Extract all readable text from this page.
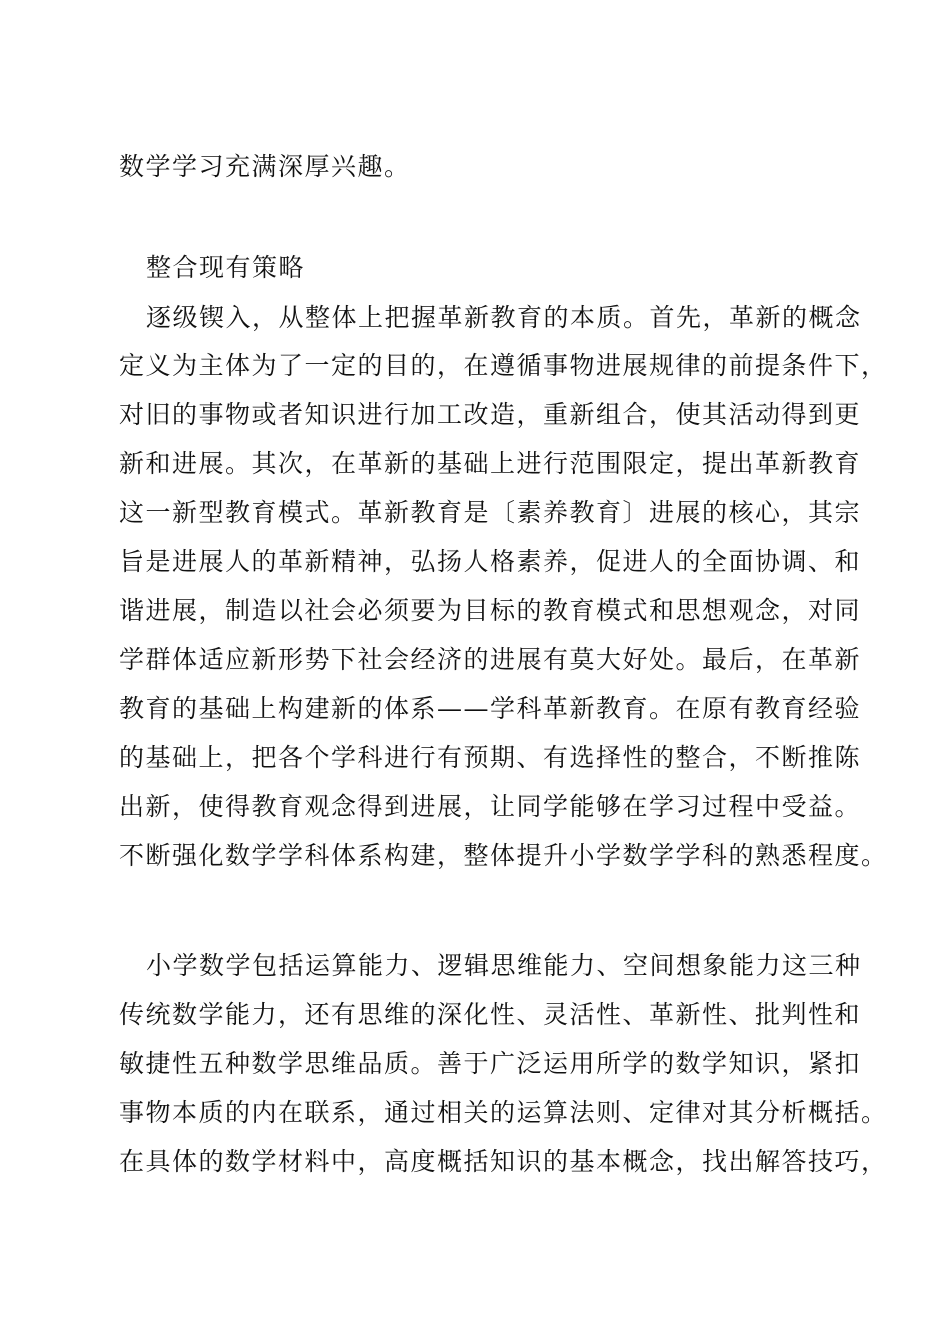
数学学习充满深厚兴趣。
整合现有策略
逐级锲入，从整体上把握革新教育的本质。首先，革新的概念
定义为主体为了一定的目的，在遵循事物进展规律的前提条件下，
对旧的事物或者知识进行加工改造，重新组合，使其活动得到更
新和进展。其次，在革新的基础上进行范围限定，提出革新教育
这一新型教育模式。革新教育是〔素养教育〕进展的核心，其宗
旨是进展人的革新精神，弘扬人格素养，促进人的全面协调、和
谐进展，制造以社会必须要为目标的教育模式和思想观念，对同
学群体适应新形势下社会经济的进展有莫大好处。最后，在革新
教育的基础上构建新的体系——学科革新教育。在原有教育经验
的基础上，把各个学科进行有预期、有选择性的整合，不断推陈
出新，使得教育观念得到进展，让同学能够在学习过程中受益。
不断强化数学学科体系构建，整体提升小学数学学科的熟悉程度。
小学数学包括运算能力、逻辑思维能力、空间想象能力这三种
传统数学能力，还有思维的深化性、灵活性、革新性、批判性和
敏捷性五种数学思维品质。善于广泛运用所学的数学知识，紧扣
事物本质的内在联系，通过相关的运算法则、定律对其分析概括。
在具体的数学材料中，高度概括知识的基本概念，找出解答技巧，
